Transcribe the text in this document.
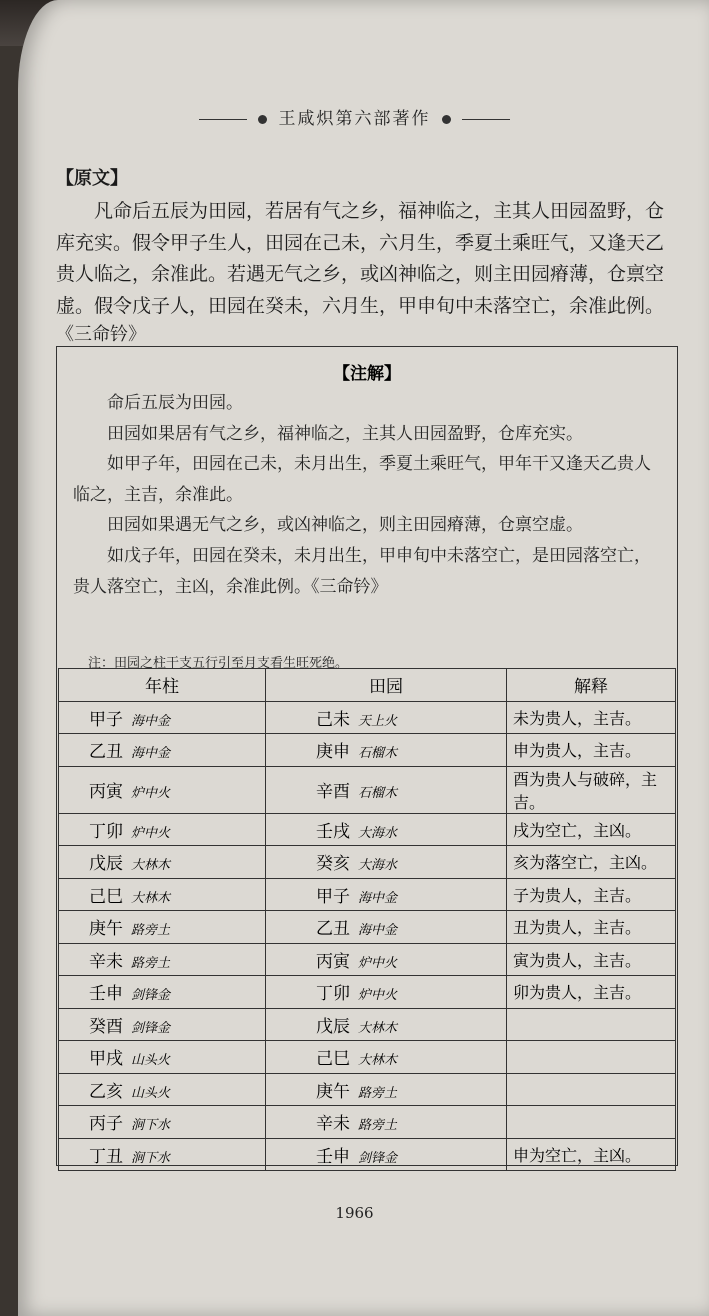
王咸炽第六部著作
【原文】

凡命后五辰为田园，若居有气之乡，福神临之，主其人田园盈野，仓库充实。假令甲子生人，田园在己未，六月生，季夏土乘旺气，又逢天乙贵人临之，余准此。若遇无气之乡，或凶神临之，则主田园瘠薄，仓禀空虚。假令戊子人，田园在癸未，六月生，甲申旬中未落空亡，余准此例。

《三命钤》
【注解】
命后五辰为田园。
田园如果居有气之乡，福神临之，主其人田园盈野，仓库充实。
如甲子年，田园在己未，未月出生，季夏土乘旺气，甲年干又逢天乙贵人临之，主吉，余准此。
田园如果遇无气之乡，或凶神临之，则主田园瘠薄，仓禀空虚。
如戊子年，田园在癸未，未月出生，甲申旬中未落空亡，是田园落空亡，贵人落空亡，主凶，余准此例。《三命钤》
注：田园之柱干支五行引至月支看生旺死绝。
年柱	田园	解释
甲子 海中金	己未 天上火	未为贵人，主吉。
乙丑 海中金	庚申 石榴木	申为贵人，主吉。
丙寅 炉中火	辛酉 石榴木	酉为贵人与破碎，主吉。
丁卯 炉中火	壬戌 大海水	戌为空亡，主凶。
戊辰 大林木	癸亥 大海水	亥为落空亡，主凶。
己巳 大林木	甲子 海中金	子为贵人，主吉。
庚午 路旁土	乙丑 海中金	丑为贵人，主吉。
辛未 路旁土	丙寅 炉中火	寅为贵人，主吉。
壬申 剑锋金	丁卯 炉中火	卯为贵人，主吉。
癸酉 剑锋金	戊辰 大林木	
甲戌 山头火	己巳 大林木	
乙亥 山头火	庚午 路旁土	
丙子 涧下水	辛未 路旁土	
丁丑 涧下水	壬申 剑锋金	申为空亡，主凶。
1966
